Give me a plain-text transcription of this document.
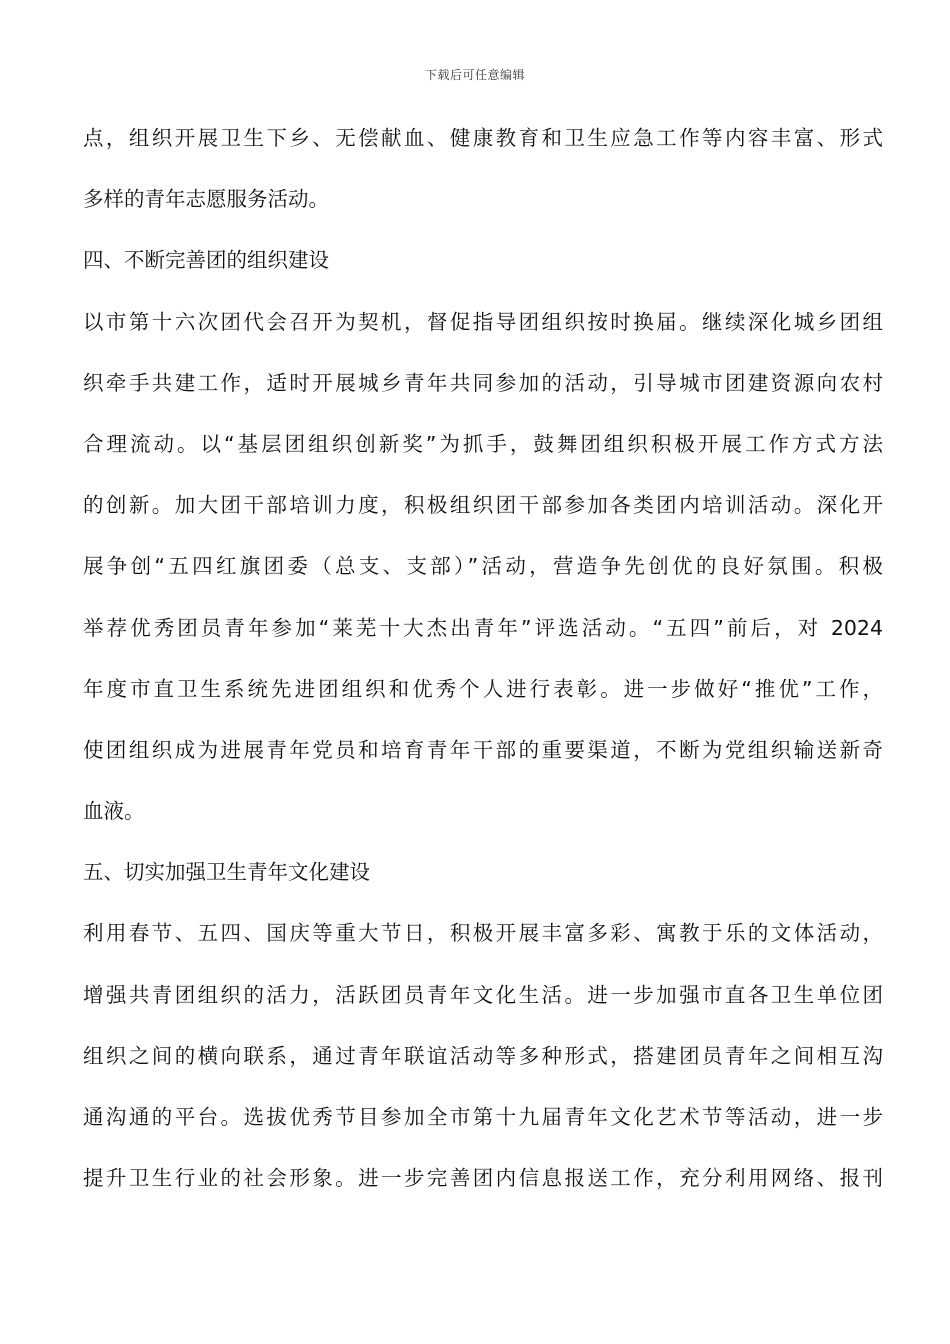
下载后可任意编辑
点，组织开展卫生下乡、无偿献血、健康教育和卫生应急工作等内容丰富、形式
多样的青年志愿服务活动。
四、不断完善团的组织建设
以市第十六次团代会召开为契机，督促指导团组织按时换届。继续深化城乡团组
织牵手共建工作，适时开展城乡青年共同参加的活动，引导城市团建资源向农村
合理流动。以“基层团组织创新奖”为抓手，鼓舞团组织积极开展工作方式方法
的创新。加大团干部培训力度，积极组织团干部参加各类团内培训活动。深化开
展争创“五四红旗团委（总支、支部）”活动，营造争先创优的良好氛围。积极
举荐优秀团员青年参加“莱芜十大杰出青年”评选活动。“五四”前后，对 2024
年度市直卫生系统先进团组织和优秀个人进行表彰。进一步做好“推优”工作，
使团组织成为进展青年党员和培育青年干部的重要渠道，不断为党组织输送新奇
血液。
五、切实加强卫生青年文化建设
利用春节、五四、国庆等重大节日，积极开展丰富多彩、寓教于乐的文体活动，
增强共青团组织的活力，活跃团员青年文化生活。进一步加强市直各卫生单位团
组织之间的横向联系，通过青年联谊活动等多种形式，搭建团员青年之间相互沟
通沟通的平台。选拔优秀节目参加全市第十九届青年文化艺术节等活动，进一步
提升卫生行业的社会形象。进一步完善团内信息报送工作，充分利用网络、报刊
